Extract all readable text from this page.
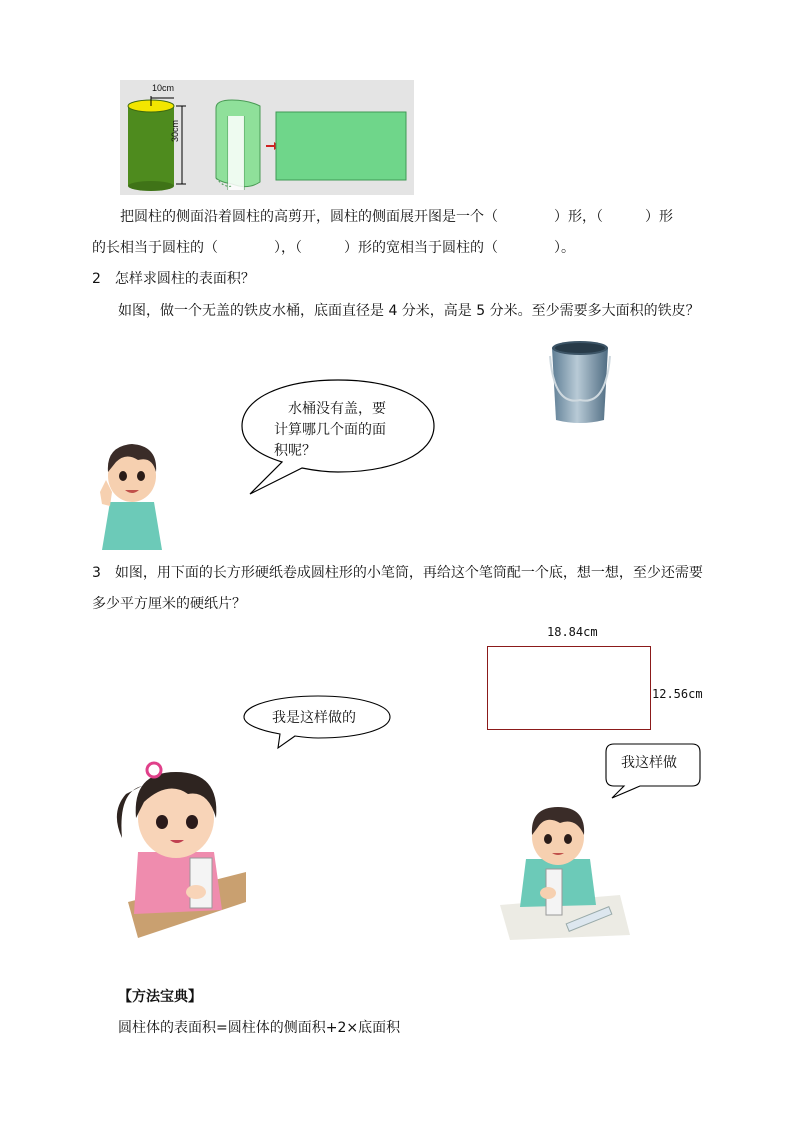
10cm
30cm
把圆柱的侧面沿着圆柱的高剪开，圆柱的侧面展开图是一个（　　　　）形，（　　　）形
的长相当于圆柱的（　　　　），（　　　）形的宽相当于圆柱的（　　　　）。
2　怎样求圆柱的表面积？
如图，做一个无盖的铁皮水桶，底面直径是 4 分米，高是 5 分米。至少需要多大面积的铁皮？
水桶没有盖，要
计算哪几个面的面
积呢？
3　如图，用下面的长方形硬纸卷成圆柱形的小笔筒，再给这个笔筒配一个底，想一想，至少还需要
多少平方厘米的硬纸片？
18.84cm
12.56cm
我是这样做的
我这样做
【方法宝典】
圆柱体的表面积=圆柱体的侧面积+2×底面积
